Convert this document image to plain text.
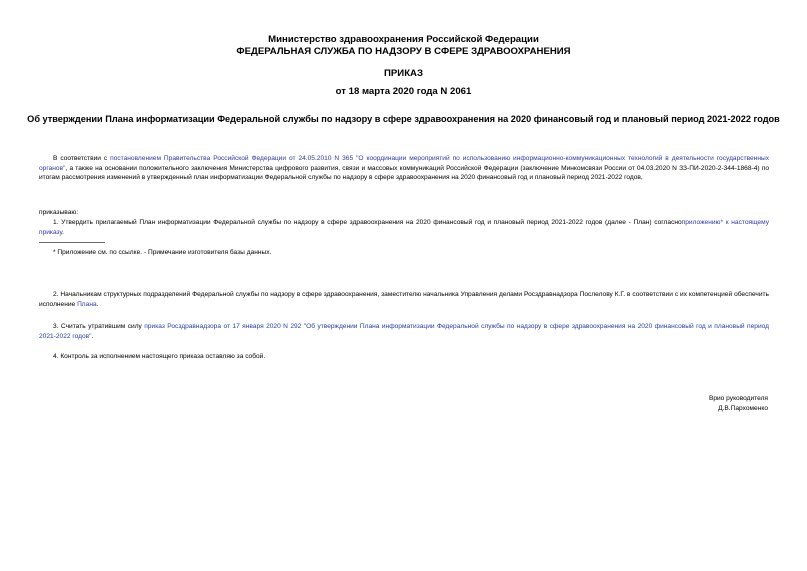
Министерство здравоохранения Российской Федерации
ФЕДЕРАЛЬНАЯ СЛУЖБА ПО НАДЗОРУ В СФЕРЕ ЗДРАВООХРАНЕНИЯ
ПРИКАЗ
от 18 марта 2020 года N 2061
Об утверждении Плана информатизации Федеральной службы по надзору в сфере здравоохранения на 2020 финансовый год и плановый период 2021-2022 годов
В соответствии с постановлением Правительства Российской Федерации от 24.05.2010 N 365 "О координации мероприятий по использованию информационно-коммуникационных технологий в деятельности государственных органов", а также на основании положительного заключения Министерства цифрового развития, связи и массовых коммуникаций Российской Федерации (заключение Минкомсвязи России от 04.03.2020 N ЗЗ-ПИ-2020-2-344-1868-4) по итогам рассмотрения изменений в утвержденный план информатизации Федеральной службы по надзору в сфере здравоохранения на 2020 финансовый год и плановый период 2021-2022 годов,
приказываю:
1. Утвердить прилагаемый План информатизации Федеральной службы по надзору в сфере здравоохранения на 2020 финансовый год и плановый период 2021-2022 годов (далее - План) согласноприложению* к настоящему приказу.
* Приложение см. по ссылке. - Примечание изготовителя базы данных.
2. Начальникам структурных подразделений Федеральной службы по надзору в сфере здравоохранения, заместителю начальника Управления делами Росздравнадзора Послелову К.Г. в соответствии с их компетенцией обеспечить исполнение Плана.
3. Считать утратившим силу приказ Росздравнадзора от 17 января 2020 N 292 "Об утверждении Плана информатизации Федеральной службы по надзору в сфере здравоохранения на 2020 финансовый год и плановый период 2021-2022 годов".
4. Контроль за исполнением настоящего приказа оставляю за собой.
Врио руководителя
Д.В.Пархоменко
